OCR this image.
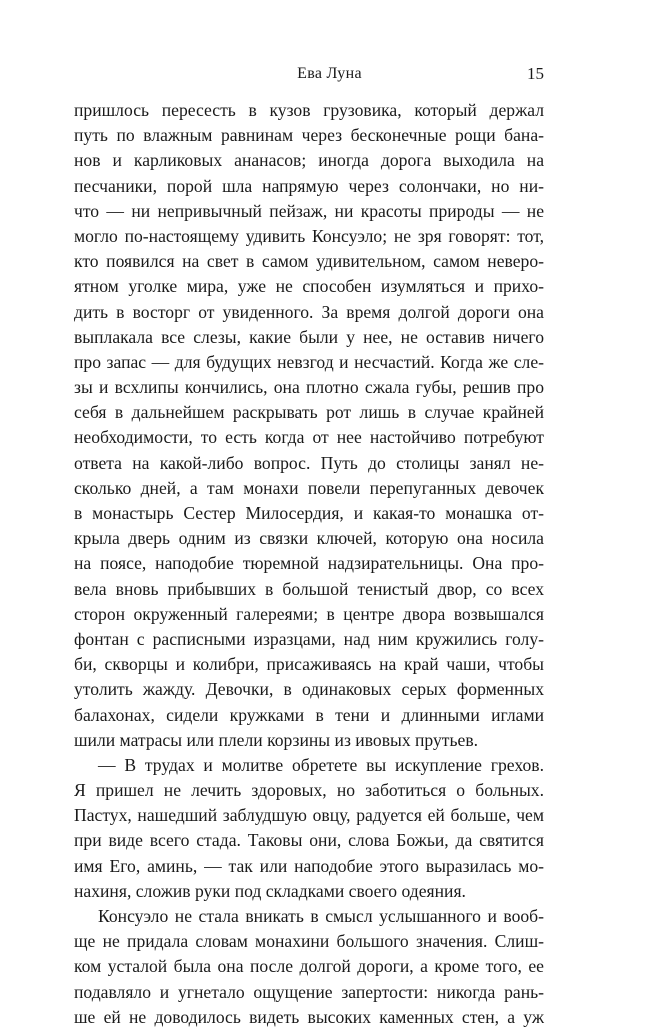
Ева Луна	15
пришлось пересесть в кузов грузовика, который держал
путь по влажным равнинам через бесконечные рощи бана-
нов и карликовых ананасов; иногда дорога выходила на
песчаники, порой шла напрямую через солончаки, но ни-
что — ни непривычный пейзаж, ни красоты природы — не
могло по-настоящему удивить Консуэло; не зря говорят: тот,
кто появился на свет в самом удивительном, самом неверо-
ятном уголке мира, уже не способен изумляться и прихо-
дить в восторг от увиденного. За время долгой дороги она
выплакала все слезы, какие были у нее, не оставив ничего
про запас — для будущих невзгод и несчастий. Когда же сле-
зы и всхлипы кончились, она плотно сжала губы, решив про
себя в дальнейшем раскрывать рот лишь в случае крайней
необходимости, то есть когда от нее настойчиво потребуют
ответа на какой-либо вопрос. Путь до столицы занял не-
сколько дней, а там монахи повели перепуганных девочек
в монастырь Сестер Милосердия, и какая-то монашка от-
крыла дверь одним из связки ключей, которую она носила
на поясе, наподобие тюремной надзирательницы. Она про-
вела вновь прибывших в большой тенистый двор, со всех
сторон окруженный галереями; в центре двора возвышался
фонтан с расписными изразцами, над ним кружились голу-
би, скворцы и колибри, присаживаясь на край чаши, чтобы
утолить жажду. Девочки, в одинаковых серых форменных
балахонах, сидели кружками в тени и длинными иглами
шили матрасы или плели корзины из ивовых прутьев.
— В трудах и молитве обретете вы искупление грехов.
Я пришел не лечить здоровых, но заботиться о больных.
Пастух, нашедший заблудшую овцу, радуется ей больше, чем
при виде всего стада. Таковы они, слова Божьи, да святится
имя Его, аминь, — так или наподобие этого выразилась мо-
нахиня, сложив руки под складками своего одеяния.
Консуэло не стала вникать в смысл услышанного и вооб-
ще не придала словам монахини большого значения. Слиш-
ком усталой была она после долгой дороги, а кроме того, ее
подавляло и угнетало ощущение запертости: никогда рань-
ше ей не доводилось видеть высоких каменных стен, а уж
